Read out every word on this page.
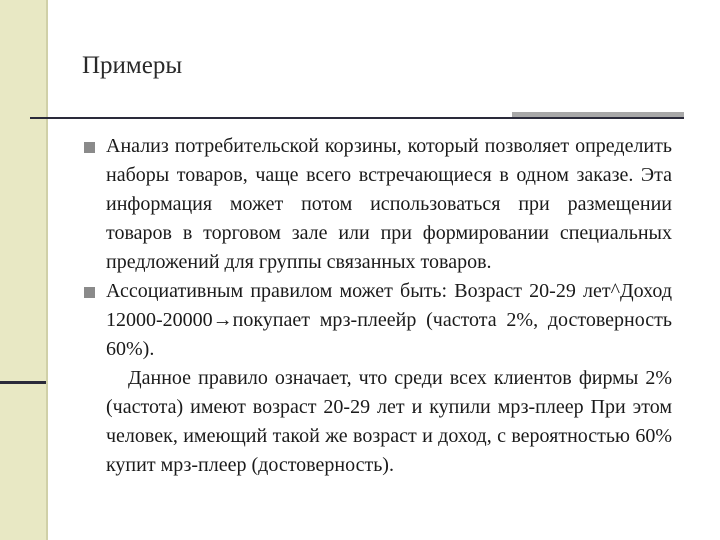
Примеры
Анализ потребительской корзины, который позволяет определить наборы товаров, чаще всего встречающиеся в одном заказе. Эта информация может потом использоваться при размещении товаров в торговом зале или при формировании специальных предложений для группы связанных товаров.
Ассоциативным правилом может быть: Возраст 20-29 лет^Доход 12000-20000→покупает мрз-плеейр (частота 2%, достоверность 60%).
Данное правило означает, что среди всех клиентов фирмы 2% (частота) имеют возраст 20-29 лет и купили мрз-плеер При этом человек, имеющий такой же возраст и доход, с вероятностью 60% купит мрз-плеер (достоверность).
